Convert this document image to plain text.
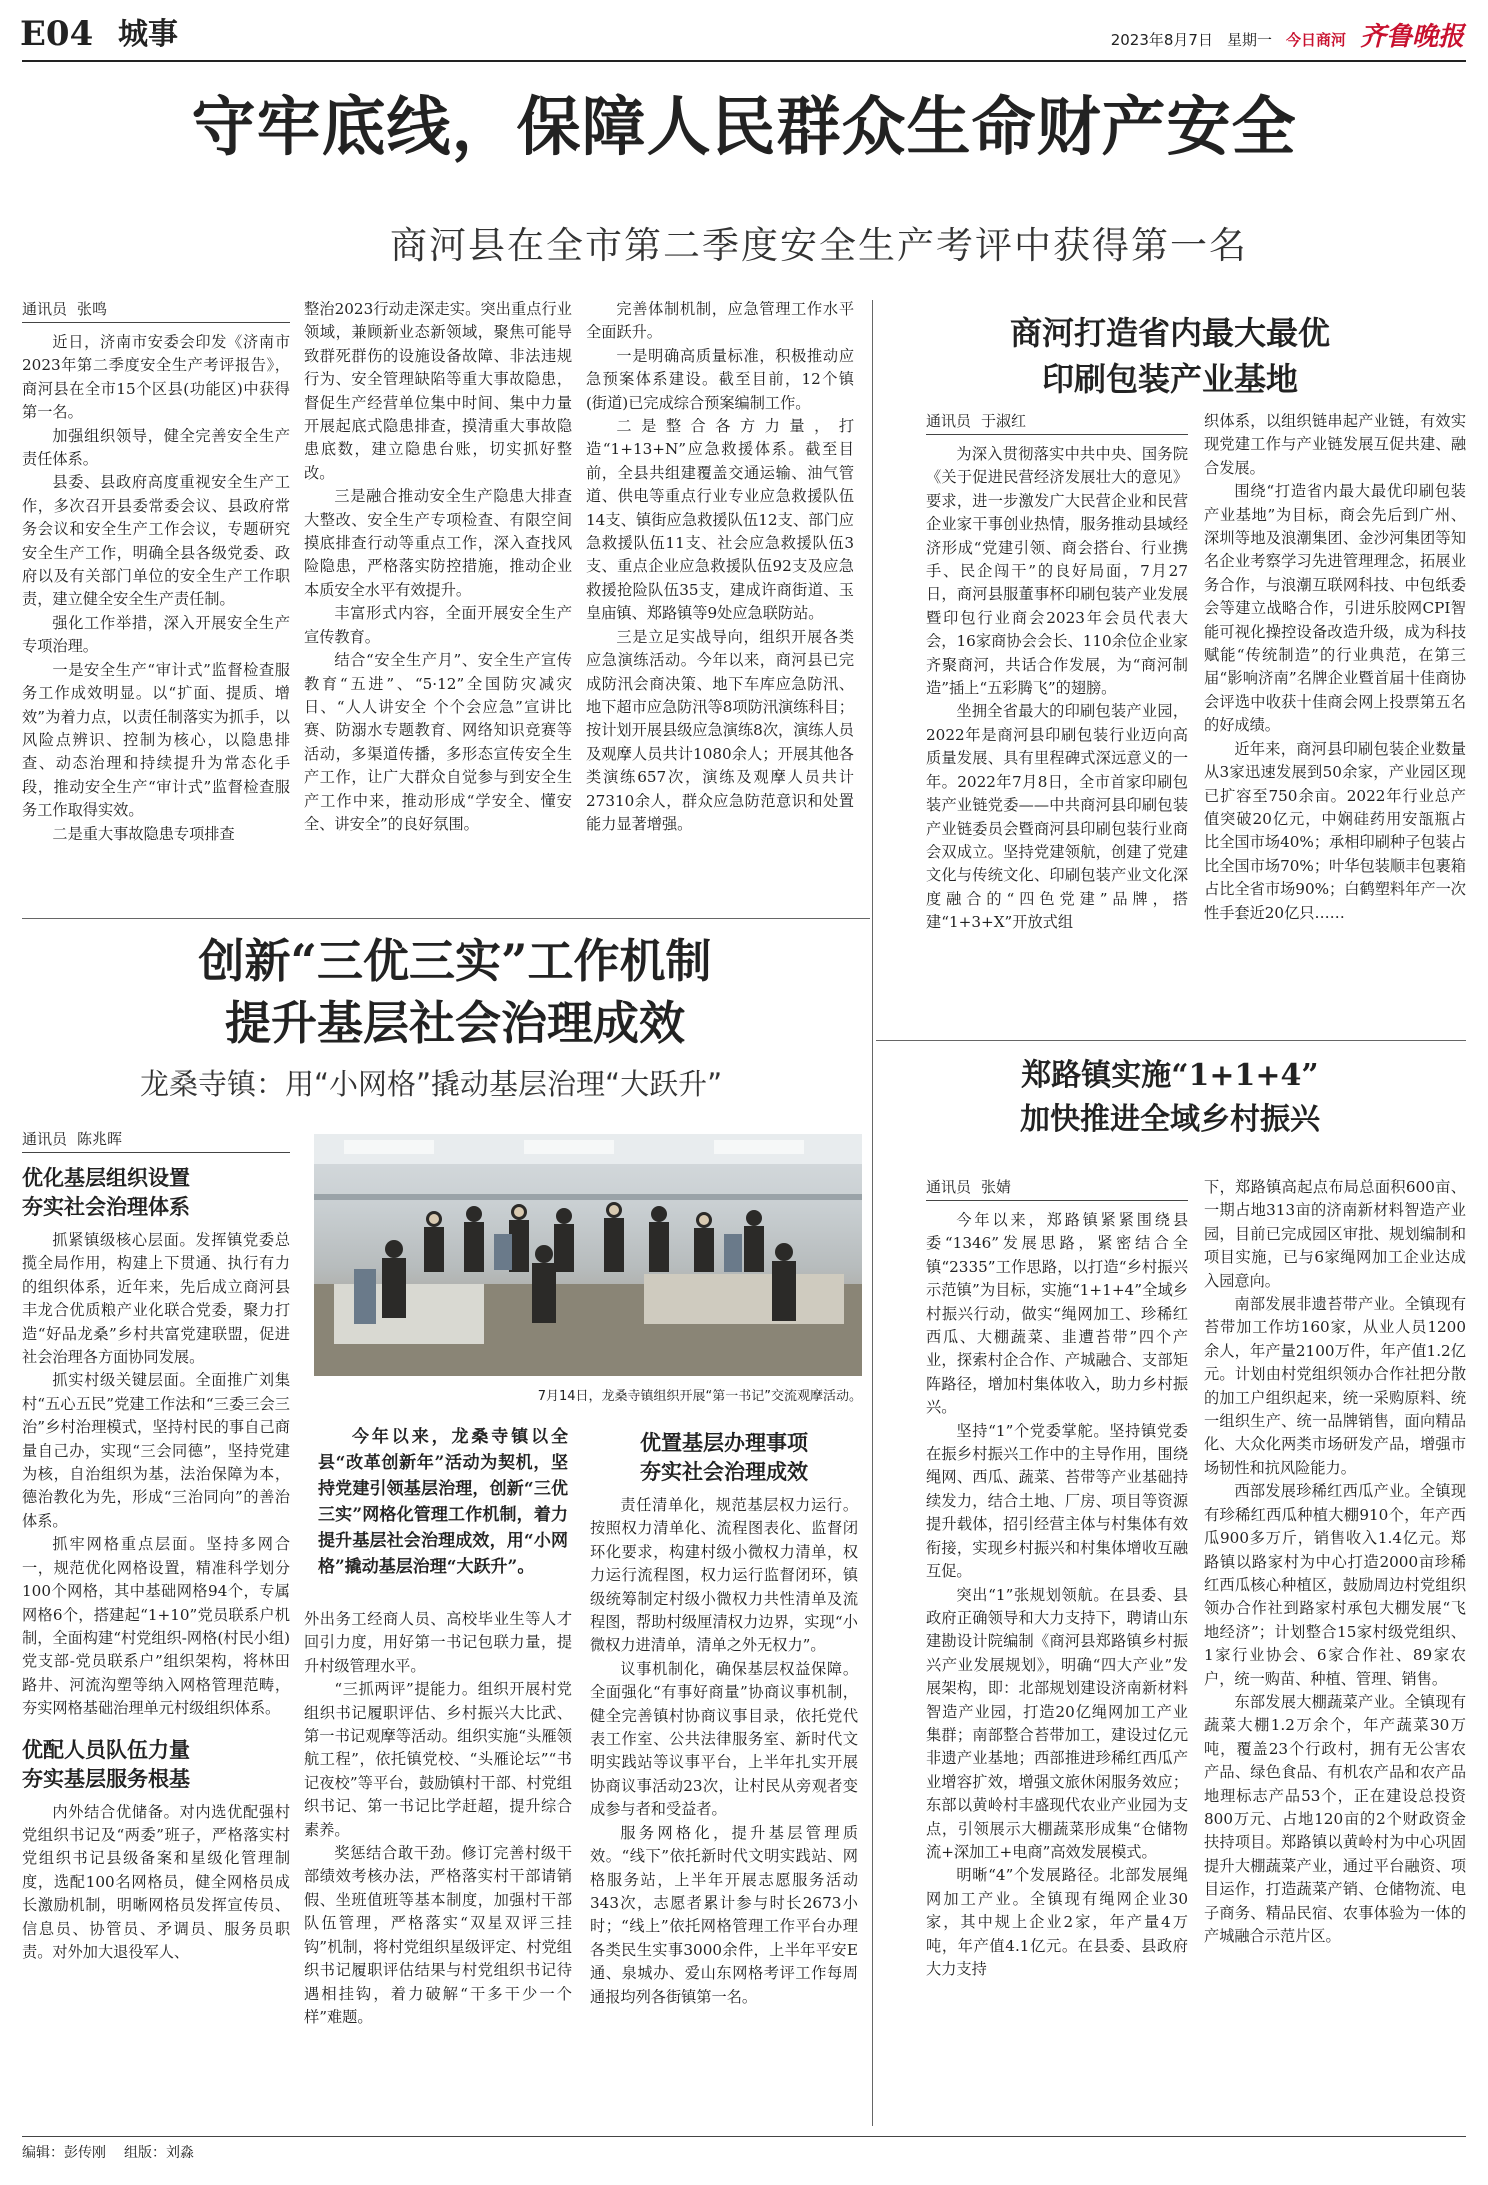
E04 城事	2023年8月7日 星期一 今日商河 齐鲁晚报
守牢底线，保障人民群众生命财产安全
商河县在全市第二季度安全生产考评中获得第一名
通讯员 张鸣

近日，济南市安委会印发《济南市2023年第二季度安全生产考评报告》，商河县在全市15个区县(功能区)中获得第一名。

加强组织领导，健全完善安全生产责任体系。

县委、县政府高度重视安全生产工作，多次召开县委常委会议、县政府常务会议和安全生产工作会议，专题研究安全生产工作，明确全县各级党委、政府以及有关部门单位的安全生产工作职责，建立健全安全生产责任制。

强化工作举措，深入开展安全生产专项治理。

一是安全生产“审计式”监督检查服务工作成效明显。以“扩面、提质、增效”为着力点，以责任制落实为抓手，以风险点辨识、控制为核心，以隐患排查、动态治理和持续提升为常态化手段，推动安全生产“审计式”监督检查服务工作取得实效。

二是重大事故隐患专项排查

整治2023行动走深走实。突出重点行业领域，兼顾新业态新领域，聚焦可能导致群死群伤的设施设备故障、非法违规行为、安全管理缺陷等重大事故隐患，督促生产经营单位集中时间、集中力量开展起底式隐患排查，摸清重大事故隐患底数，建立隐患台账，切实抓好整改。

三是融合推动安全生产隐患大排查大整改、安全生产专项检查、有限空间摸底排查行动等重点工作，深入查找风险隐患，严格落实防控措施，推动企业本质安全水平有效提升。

丰富形式内容，全面开展安全生产宣传教育。

结合“安全生产月”、安全生产宣传教育“五进”、“5·12”全国防灾减灾日、“人人讲安全 个个会应急”宣讲比赛、防溺水专题教育、网络知识竞赛等活动，多渠道传播，多形态宣传安全生产工作，让广大群众自觉参与到安全生产工作中来，推动形成“学安全、懂安全、讲安全”的良好氛围。

完善体制机制，应急管理工作水平全面跃升。

一是明确高质量标准，积极推动应急预案体系建设。截至目前，12个镇(街道)已完成综合预案编制工作。

二是整合各方力量，打造“1+13+N”应急救援体系。截至目前，全县共组建覆盖交通运输、油气管道、供电等重点行业专业应急救援队伍14支、镇街应急救援队伍12支、部门应急救援队伍11支、社会应急救援队伍3支、重点企业应急救援队伍92支及应急救援抢险队伍35支，建成许商街道、玉皇庙镇、郑路镇等9处应急联防站。

三是立足实战导向，组织开展各类应急演练活动。今年以来，商河县已完成防汛会商决策、地下车库应急防汛、地下超市应急防汛等8项防汛演练科目；按计划开展县级应急演练8次，演练人员及观摩人员共计1080余人；开展其他各类演练657次，演练及观摩人员共计27310余人，群众应急防范意识和处置能力显著增强。

商河打造省内最大最优
印刷包装产业基地
通讯员 于淑红

为深入贯彻落实中共中央、国务院《关于促进民营经济发展壮大的意见》要求，进一步激发广大民营企业和民营企业家干事创业热情，服务推动县域经济形成“党建引领、商会搭台、行业携手、民企闯干”的良好局面，7月27日，商河县服董事杯印刷包装产业发展暨印包行业商会2023年会员代表大会，16家商协会会长、110余位企业家齐聚商河，共话合作发展，为“商河制造”插上“五彩腾飞”的翅膀。

坐拥全省最大的印刷包装产业园，2022年是商河县印刷包装行业迈向高质量发展、具有里程碑式深远意义的一年。2022年7月8日，全市首家印刷包装产业链党委——中共商河县印刷包装产业链委员会暨商河县印刷包装行业商会双成立。坚持党建领航，创建了党建文化与传统文化、印刷包装产业文化深度融合的“四色党建”品牌，搭建“1+3+X”开放式组

织体系，以组织链串起产业链，有效实现党建工作与产业链发展互促共建、融合发展。

围绕“打造省内最大最优印刷包装产业基地”为目标，商会先后到广州、深圳等地及浪潮集团、金沙河集团等知名企业考察学习先进管理理念，拓展业务合作，与浪潮互联网科技、中包纸委会等建立战略合作，引进乐胶网CPI智能可视化操控设备改造升级，成为科技赋能“传统制造”的行业典范，在第三届“影响济南”名牌企业暨首届十佳商协会评选中收获十佳商会网上投票第五名的好成绩。

近年来，商河县印刷包装企业数量从3家迅速发展到50余家，产业园区现已扩容至750余亩。2022年行业总产值突破20亿元，中娴硅药用安瓿瓶占比全国市场40%；承相印刷种子包装占比全国市场70%；叶华包装顺丰包裹箱占比全省市场90%；白鹤塑料年产一次性手套近20亿只……

创新“三优三实”工作机制
提升基层社会治理成效
龙桑寺镇：用“小网格”撬动基层治理“大跃升”
通讯员 陈兆晖
优化基层组织设置
夯实社会治理体系

抓紧镇级核心层面。发挥镇党委总揽全局作用，构建上下贯通、执行有力的组织体系，近年来，先后成立商河县丰龙合优质粮产业化联合党委，聚力打造“好品龙桑”乡村共富党建联盟，促进社会治理各方面协同发展。

抓实村级关键层面。全面推广刘集村“五心五民”党建工作法和“三委三会三治”乡村治理模式，坚持村民的事自己商量自己办，实现“三会同德”，坚持党建为核，自治组织为基，法治保障为本，德治教化为先，形成“三治同向”的善治体系。

抓牢网格重点层面。坚持多网合一，规范优化网格设置，精准科学划分100个网格，其中基础网格94个，专属网格6个，搭建起“1+10”党员联系户机制，全面构建“村党组织-网格(村民小组)党支部-党员联系户”组织架构，将林田路井、河流沟塑等纳入网格管理范畴，夯实网格基础治理单元村级组织体系。

优配人员队伍力量
夯实基层服务根基

内外结合优储备。对内选优配强村党组织书记及“两委”班子，严格落实村党组织书记县级备案和星级化管理制度，选配100名网格员，健全网格员成长激励机制，明晰网格员发挥宣传员、信息员、协管员、矛调员、服务员职责。对外加大退役军人、

7月14日，龙桑寺镇组织开展“第一书记”交流观摩活动。

今年以来，龙桑寺镇以全县“改革创新年”活动为契机，坚持党建引领基层治理，创新“三优三实”网格化管理工作机制，着力提升基层社会治理成效，用“小网格”撬动基层治理“大跃升”。

外出务工经商人员、高校毕业生等人才回引力度，用好第一书记包联力量，提升村级管理水平。

“三抓两评”提能力。组织开展村党组织书记履职评估、乡村振兴大比武、第一书记观摩等活动。组织实施“头雁领航工程”，依托镇党校、“头雁论坛”“书记夜校”等平台，鼓励镇村干部、村党组织书记、第一书记比学赶超，提升综合素养。

奖惩结合敢干劲。修订完善村级干部绩效考核办法，严格落实村干部请销假、坐班值班等基本制度，加强村干部队伍管理，严格落实“双星双评三挂钩”机制，将村党组织星级评定、村党组织书记履职评估结果与村党组织书记待遇相挂钩，着力破解“干多干少一个样”难题。

优置基层办理事项
夯实社会治理成效

责任清单化，规范基层权力运行。按照权力清单化、流程图表化、监督闭环化要求，构建村级小微权力清单，权力运行流程图，权力运行监督闭环，镇级统筹制定村级小微权力共性清单及流程图，帮助村级厘清权力边界，实现“小微权力进清单，清单之外无权力”。

议事机制化，确保基层权益保障。全面强化“有事好商量”协商议事机制，健全完善镇村协商议事目录，依托党代表工作室、公共法律服务室、新时代文明实践站等议事平台，上半年扎实开展协商议事活动23次，让村民从旁观者变成参与者和受益者。

服务网格化，提升基层管理质效。“线下”依托新时代文明实践站、网格服务站，上半年开展志愿服务活动343次，志愿者累计参与时长2673小时；“线上”依托网格管理工作平台办理各类民生实事3000余件，上半年平安E通、泉城办、爱山东网格考评工作每周通报均列各街镇第一名。

郑路镇实施“1+1+4”
加快推进全域乡村振兴
通讯员 张婧

今年以来，郑路镇紧紧围绕县委“1346”发展思路，紧密结合全镇“2335”工作思路，以打造“乡村振兴示范镇”为目标，实施“1+1+4”全域乡村振兴行动，做实“绳网加工、珍稀红西瓜、大棚蔬菜、韭遭苔带”四个产业，探索村企合作、产城融合、支部矩阵路径，增加村集体收入，助力乡村振兴。

坚持“1”个党委掌舵。坚持镇党委在振乡村振兴工作中的主导作用，围绕绳网、西瓜、蔬菜、苔带等产业基础持续发力，结合土地、厂房、项目等资源提升载体，招引经营主体与村集体有效衔接，实现乡村振兴和村集体增收互融互促。

突出“1”张规划领航。在县委、县政府正确领导和大力支持下，聘请山东建勘设计院编制《商河县郑路镇乡村振兴产业发展规划》，明确“四大产业”发展架构，即：北部规划建设济南新材料智造产业园，打造20亿绳网加工产业集群；南部整合苔带加工，建设过亿元非遗产业基地；西部推进珍稀红西瓜产业增容扩效，增强文旅休闲服务效应；东部以黄岭村丰盛现代农业产业园为支点，引领展示大棚蔬菜形成集“仓储物流+深加工+电商”高效发展模式。

明晰“4”个发展路径。北部发展绳网加工产业。全镇现有绳网企业30家，其中规上企业2家，年产量4万吨，年产值4.1亿元。在县委、县政府大力支持

下，郑路镇高起点布局总面积600亩、一期占地313亩的济南新材料智造产业园，目前已完成园区审批、规划编制和项目实施，已与6家绳网加工企业达成入园意向。

南部发展非遗苔带产业。全镇现有苔带加工作坊160家，从业人员1200余人，年产量2100万件，年产值1.2亿元。计划由村党组织领办合作社把分散的加工户组织起来，统一采购原料、统一组织生产、统一品牌销售，面向精品化、大众化两类市场研发产品，增强市场韧性和抗风险能力。

西部发展珍稀红西瓜产业。全镇现有珍稀红西瓜种植大棚910个，年产西瓜900多万斤，销售收入1.4亿元。郑路镇以路家村为中心打造2000亩珍稀红西瓜核心种植区，鼓励周边村党组织领办合作社到路家村承包大棚发展“飞地经济”；计划整合15家村级党组织、1家行业协会、6家合作社、89家农户，统一购苗、种植、管理、销售。

东部发展大棚蔬菜产业。全镇现有蔬菜大棚1.2万余个，年产蔬菜30万吨，覆盖23个行政村，拥有无公害农产品、绿色食品、有机农产品和农产品地理标志产品53个，正在建设总投资800万元、占地120亩的2个财政资金扶持项目。郑路镇以黄岭村为中心巩固提升大棚蔬菜产业，通过平台融资、项目运作，打造蔬菜产销、仓储物流、电子商务、精品民宿、农事体验为一体的产城融合示范片区。

编辑：彭传刚 组版：刘淼
